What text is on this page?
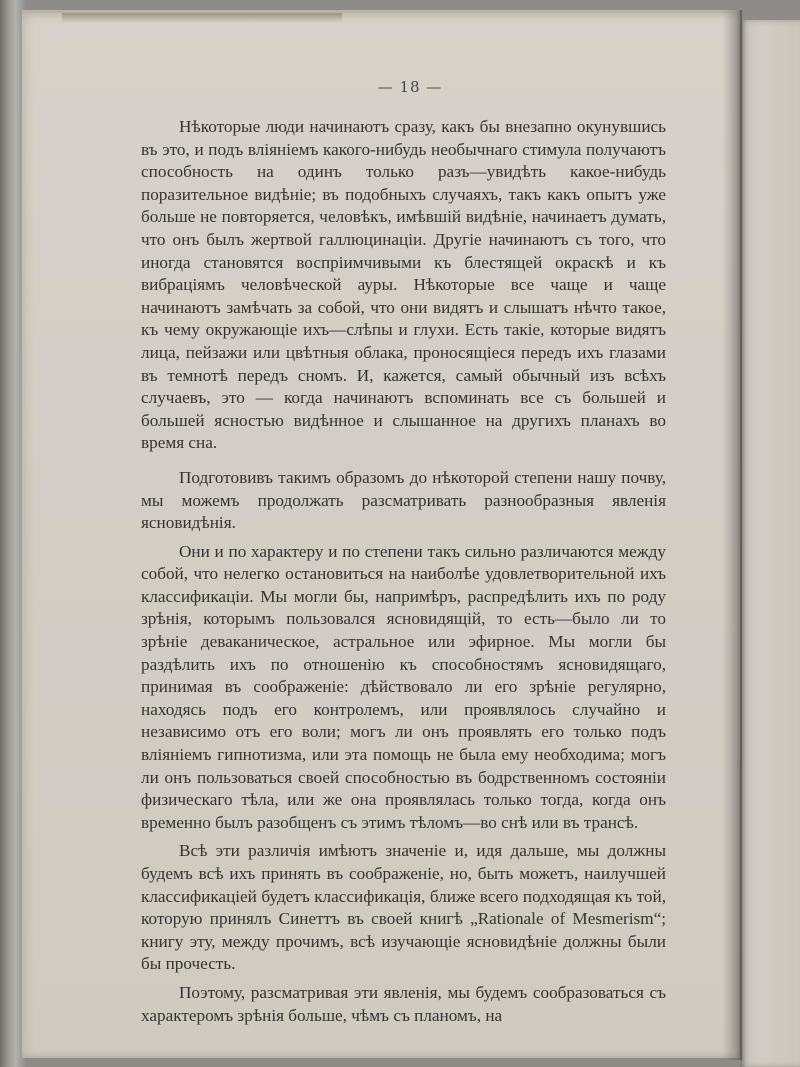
— 18 —

Нѣкоторые люди начинаютъ сразу, какъ бы внезапно окунувшись въ это, и подъ вліяніемъ какого-нибудь необычнаго стимула получаютъ способность на одинъ только разъ—увидѣть какое-нибудь поразительное видѣніе; въ подобныхъ случаяхъ, такъ какъ опытъ уже больше не повторяется, человѣкъ, имѣвшій видѣніе, начинаетъ думать, что онъ былъ жертвой галлюцинаціи. Другіе начинаютъ съ того, что иногда становятся воспріимчивыми къ блестящей окраскѣ и къ вибраціямъ человѣческой ауры. Нѣкоторые все чаще и чаще начинаютъ замѣчать за собой, что они видятъ и слышатъ нѣчто такое, къ чему окружающіе ихъ—слѣпы и глухи. Есть такіе, которые видятъ лица, пейзажи или цвѣтныя облака, проносящіеся передъ ихъ глазами въ темнотѣ передъ сномъ. И, кажется, самый обычный изъ всѣхъ случаевъ, это — когда начинаютъ вспоминать все съ большей и большей ясностью видѣнное и слышанное на другихъ планахъ во время сна.

Подготовивъ такимъ образомъ до нѣкоторой степени нашу почву, мы можемъ продолжать разсматривать разнообразныя явленія ясновидѣнія.

Они и по характеру и по степени такъ сильно различаются между собой, что нелегко остановиться на наиболѣе удовлетворительной ихъ классификаціи. Мы могли бы, напримѣръ, распредѣлить ихъ по роду зрѣнія, которымъ пользовался ясновидящій, то есть—было ли то зрѣніе деваканическое, астральное или эфирное. Мы могли бы раздѣлить ихъ по отношенію къ способностямъ ясновидящаго, принимая въ соображеніе: дѣйствовало ли его зрѣніе регулярно, находясь подъ его контролемъ, или проявлялось случайно и независимо отъ его воли; могъ ли онъ проявлять его только подъ вліяніемъ гипнотизма, или эта помощь не была ему необходима; могъ ли онъ пользоваться своей способностью въ бодрственномъ состояніи физическаго тѣла, или же она проявлялась только тогда, когда онъ временно былъ разобщенъ съ этимъ тѣломъ—во снѣ или въ трансѣ.

Всѣ эти различія имѣютъ значеніе и, идя дальше, мы должны будемъ всѣ ихъ принять въ соображеніе, но, быть можетъ, наилучшей классификаціей будетъ классификація, ближе всего подходящая къ той, которую принялъ Синеттъ въ своей книгѣ „Rationale of Mesmerism“; книгу эту, между прочимъ, всѣ изучающіе ясновидѣніе должны были бы прочесть.

Поэтому, разсматривая эти явленія, мы будемъ сообразоваться съ характеромъ зрѣнія больше, чѣмъ съ планомъ, на
